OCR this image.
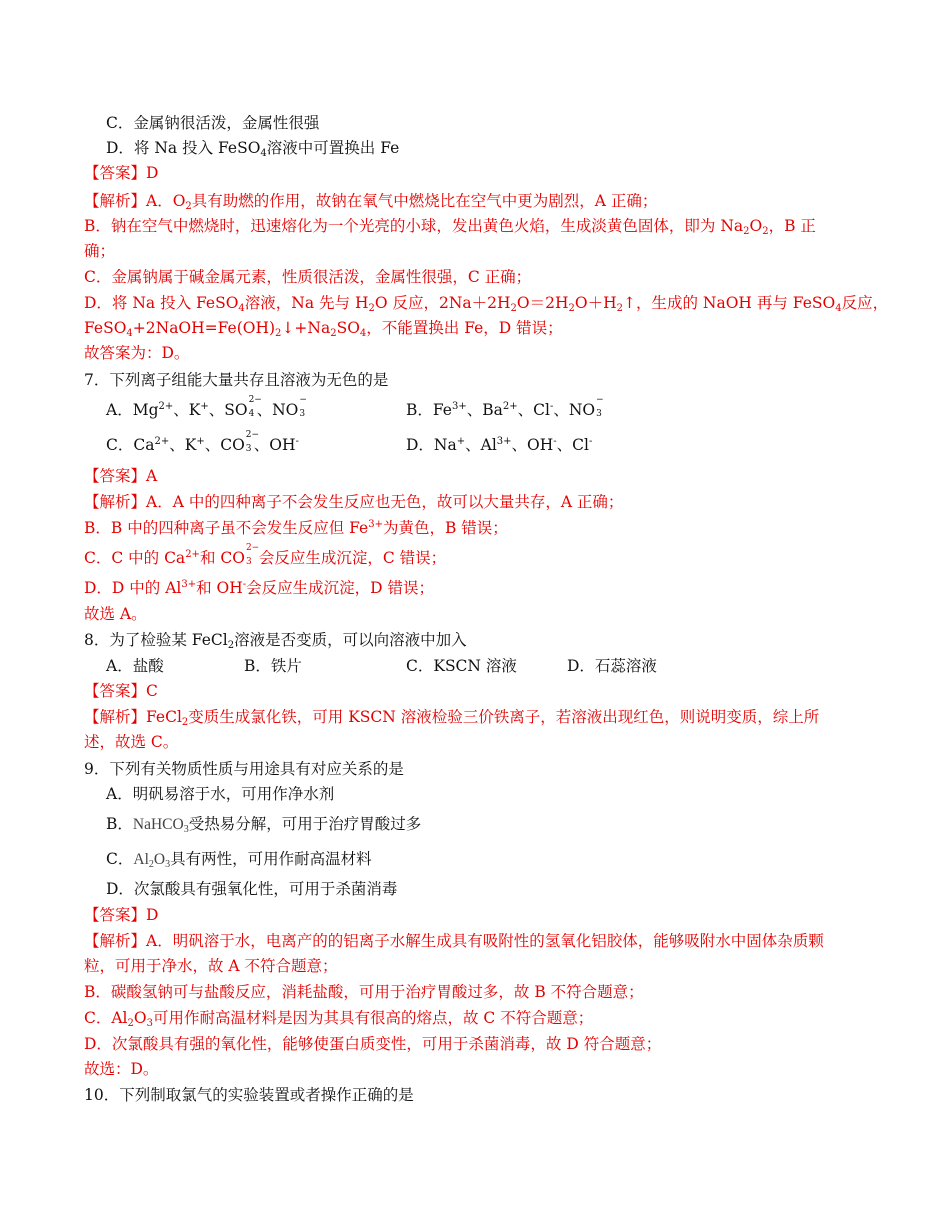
C．金属钠很活泼，金属性很强
D．将 Na 投入 FeSO$_4$溶液中可置换出 Fe
【答案】D
【解析】A．$O_2$具有助燃的作用，故钠在氧气中燃烧比在空气中更为剧烈，A 正确；
B．钠在空气中燃烧时，迅速熔化为一个光亮的小球，发出黄色火焰，生成淡黄色固体，即为 $Na_2O_2$，B 正
确；
C．金属钠属于碱金属元素，性质很活泼，金属性很强，C 正确；
D．将 Na 投入 FeSO$_4$溶液，Na 先与 $H_2O$ 反应，$2Na+2H_2O=2H_2O+H_2↑$，生成的 NaOH 再与 FeSO$_4$反应，
$FeSO_4+2NaOH=Fe(OH)_2↓+Na_2SO_4$，不能置换出 Fe，D 错误；
故答案为：D。
7．下列离子组能大量共存且溶液为无色的是
A．$Mg^{2+}$、K+、SO
2−
4 、NO
−
3	B．$Fe^{3+}$、$Ba^{2+}$、Cl-、NO
−
3
C．$Ca^{2+}$、K+、CO
2−
3 、OH-	D．Na+、$Al^{3+}$、OH-、Cl-
【答案】A
【解析】A．A 中的四种离子不会发生反应也无色，故可以大量共存，A 正确；
B．B 中的四种离子虽不会发生反应但 $Fe^{3+}$为黄色，B 错误；
C．C 中的 $Ca^{2+}$和 CO
2−
3 会反应生成沉淀，C 错误；
D．D 中的 $Al^{3+}$和 OH-会反应生成沉淀，D 错误；
故选 A。
8．为了检验某 FeCl$_2$溶液是否变质，可以向溶液中加入
A．盐酸	B．铁片	C．KSCN 溶液	D．石蕊溶液
【答案】C
【解析】FeCl$_2$变质生成氯化铁，可用 KSCN 溶液检验三价铁离子，若溶液出现红色，则说明变质，综上所
述，故选 C。
9．下列有关物质性质与用途具有对应关系的是
A．明矾易溶于水，可用作净水剂
B．NaHCO$_3$受热易分解，可用于治疗胃酸过多
C．$Al_2O_3$具有两性，可用作耐高温材料
D．次氯酸具有强氧化性，可用于杀菌消毒
【答案】D
【解析】A．明矾溶于水，电离产的的铝离子水解生成具有吸附性的氢氧化铝胶体，能够吸附水中固体杂质颗
粒，可用于净水，故 A 不符合题意；
B．碳酸氢钠可与盐酸反应，消耗盐酸，可用于治疗胃酸过多，故 B 不符合题意；
C．$Al_2O_3$可用作耐高温材料是因为其具有很高的熔点，故 C 不符合题意；
D．次氯酸具有强的氧化性，能够使蛋白质变性，可用于杀菌消毒，故 D 符合题意；
故选：D。
10．下列制取氯气的实验装置或者操作正确的是
